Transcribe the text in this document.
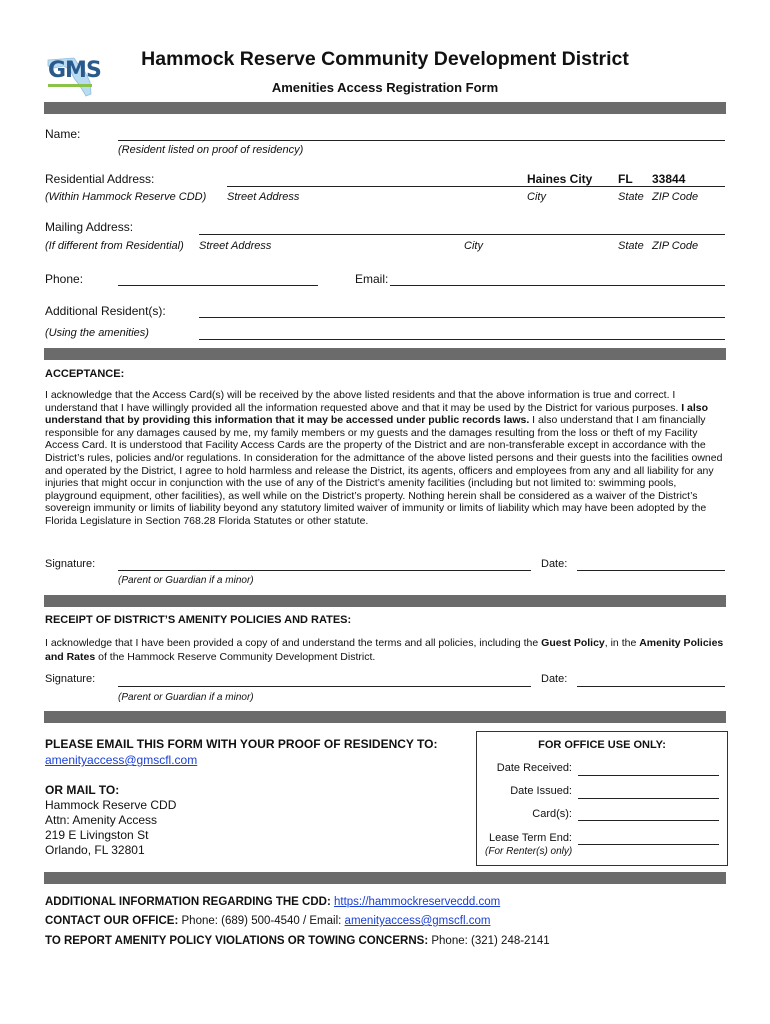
GMS	Hammock Reserve Community Development District
Amenities Access Registration Form
Name:
(Resident listed on proof of residency)
Residential Address:	Haines City FL 33844
(Within Hammock Reserve CDD) Street Address	City	State ZIP Code
Mailing Address:
(If different from Residential) Street Address	City	State ZIP Code
Phone:	Email:
Additional Resident(s):
(Using the amenities)
ACCEPTANCE:
I acknowledge that the Access Card(s) will be received by the above listed residents and that the above information is true and correct. I understand that I have willingly provided all the information requested above and that it may be used by the District for various purposes. I also understand that by providing this information that it may be accessed under public records laws. I also understand that I am financially responsible for any damages caused by me, my family members or my guests and the damages resulting from the loss or theft of my Facility Access Card. It is understood that Facility Access Cards are the property of the District and are non-transferable except in accordance with the District’s rules, policies and/or regulations. In consideration for the admittance of the above listed persons and their guests into the facilities owned and operated by the District, I agree to hold harmless and release the District, its agents, officers and employees from any and all liability for any injuries that might occur in conjunction with the use of any of the District’s amenity facilities (including but not limited to: swimming pools, playground equipment, other facilities), as well while on the District’s property. Nothing herein shall be considered as a waiver of the District’s sovereign immunity or limits of liability beyond any statutory limited waiver of immunity or limits of liability which may have been adopted by the Florida Legislature in Section 768.28 Florida Statutes or other statute.
Signature:	Date:
(Parent or Guardian if a minor)
RECEIPT OF DISTRICT’S AMENITY POLICIES AND RATES:
I acknowledge that I have been provided a copy of and understand the terms and all policies, including the Guest Policy, in the Amenity Policies and Rates of the Hammock Reserve Community Development District.
Signature:	Date:
(Parent or Guardian if a minor)
PLEASE EMAIL THIS FORM WITH YOUR PROOF OF RESIDENCY TO:
amenityaccess@gmscfl.com
OR MAIL TO:
Hammock Reserve CDD
Attn: Amenity Access
219 E Livingston St
Orlando, FL 32801
FOR OFFICE USE ONLY:
Date Received:
Date Issued:
Card(s):
Lease Term End:
(For Renter(s) only)
ADDITIONAL INFORMATION REGARDING THE CDD: https://hammockreservecdd.com
CONTACT OUR OFFICE: Phone: (689) 500-4540 / Email: amenityaccess@gmscfl.com
TO REPORT AMENITY POLICY VIOLATIONS OR TOWING CONCERNS: Phone: (321) 248-2141
